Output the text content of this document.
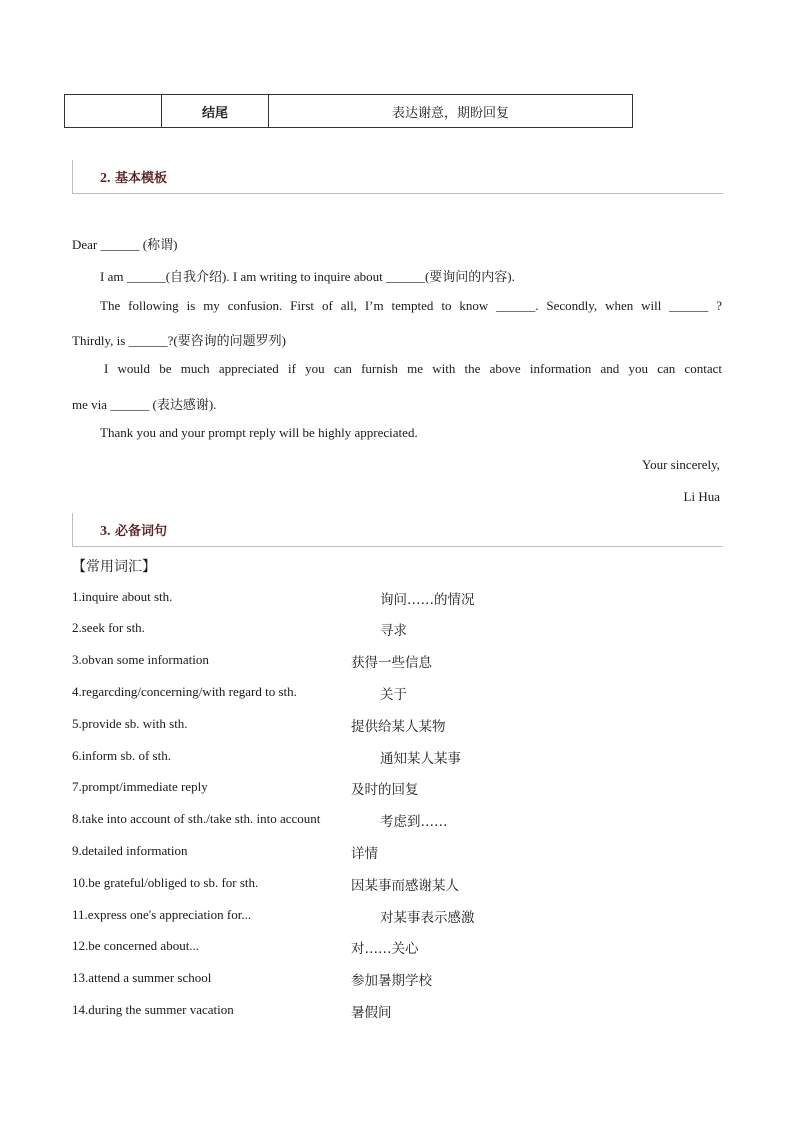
	结尾	表达谢意，期盼回复
2. 基本模板
Dear ______ (称谓)
I am ______(自我介绍). I am writing to inquire about ______(要询问的内容).
The following is my confusion. First of all, I’m tempted to know ______. Secondly, when will ______ ?
Thirdly, is ______?(要咨询的问题罗列)
I would be much appreciated if you can furnish me with the above information and you can contact
me via ______ (表达感谢).
Thank you and your prompt reply will be highly appreciated.
Your sincerely,
Li Hua
3. 必备词句
【常用词汇】
1.inquire about sth.	询问……的情况
2.seek for sth.	寻求
3.obvan some information	获得一些信息
4.regarcding/concerning/with regard to sth.	关于
5.provide sb. with sth.	提供给某人某物
6.inform sb. of sth.	通知某人某事
7.prompt/immediate reply	及时的回复
8.take into account of sth./take sth. into account	考虑到……
9.detailed information	详情
10.be grateful/obliged to sb. for sth.	因某事而感谢某人
11.express one's appreciation for...	对某事表示感激
12.be concerned about...	对……关心
13.attend a summer school	参加暑期学校
14.during the summer vacation	暑假间
